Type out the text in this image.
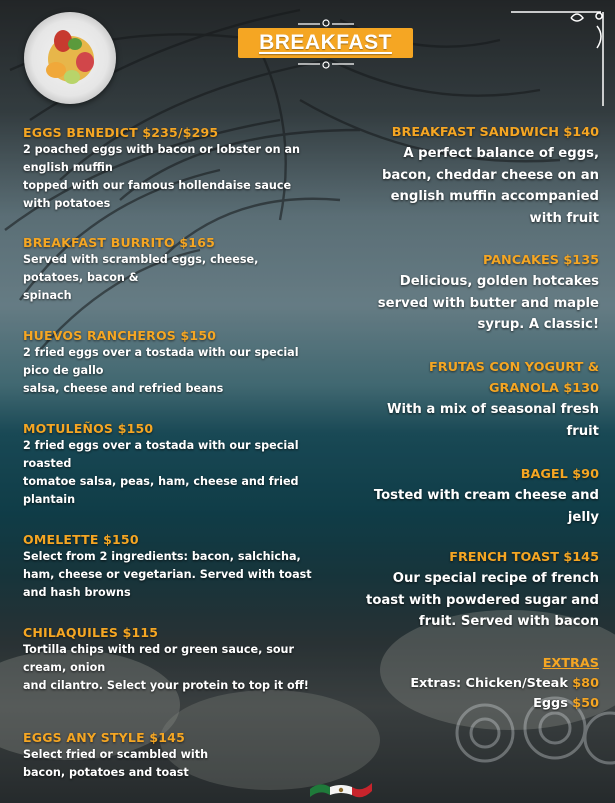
BREAKFAST
EGGS BENEDICT $235/$295
2 poached eggs with bacon or lobster on an english muffin
topped with our famous hollendaise sauce with potatoes
BREAKFAST BURRITO $165
Served with scrambled eggs, cheese, potatoes, bacon &
spinach
HUEVOS RANCHEROS $150
2 fried eggs over a tostada with our special pico de gallo
salsa, cheese and refried beans
MOTULEÑOS $150
2 fried eggs over a tostada with our special roasted
tomatoe salsa, peas, ham, cheese and fried plantain
OMELETTE $150
Select from 2 ingredients: bacon, salchicha, ham, cheese or vegetarian. Served with toast and hash browns
CHILAQUILES $115
Tortilla chips with red or green sauce, sour cream, onion
and cilantro. Select your protein to top it off!
EGGS ANY STYLE $145
Select fried or scambled with
bacon, potatoes and toast
BREAKFAST SANDWICH $140
A perfect balance of eggs, bacon, cheddar cheese on an english muffin accompanied with fruit
PANCAKES $135
Delicious, golden hotcakes served with butter and maple syrup. A classic!
FRUTAS CON YOGURT & GRANOLA $130
With a mix of seasonal fresh fruit
BAGEL $90
Tosted with cream cheese and jelly
FRENCH TOAST $145
Our special recipe of french toast with powdered sugar and fruit. Served with bacon
EXTRAS
Extras: Chicken/Steak $80
Eggs $50
